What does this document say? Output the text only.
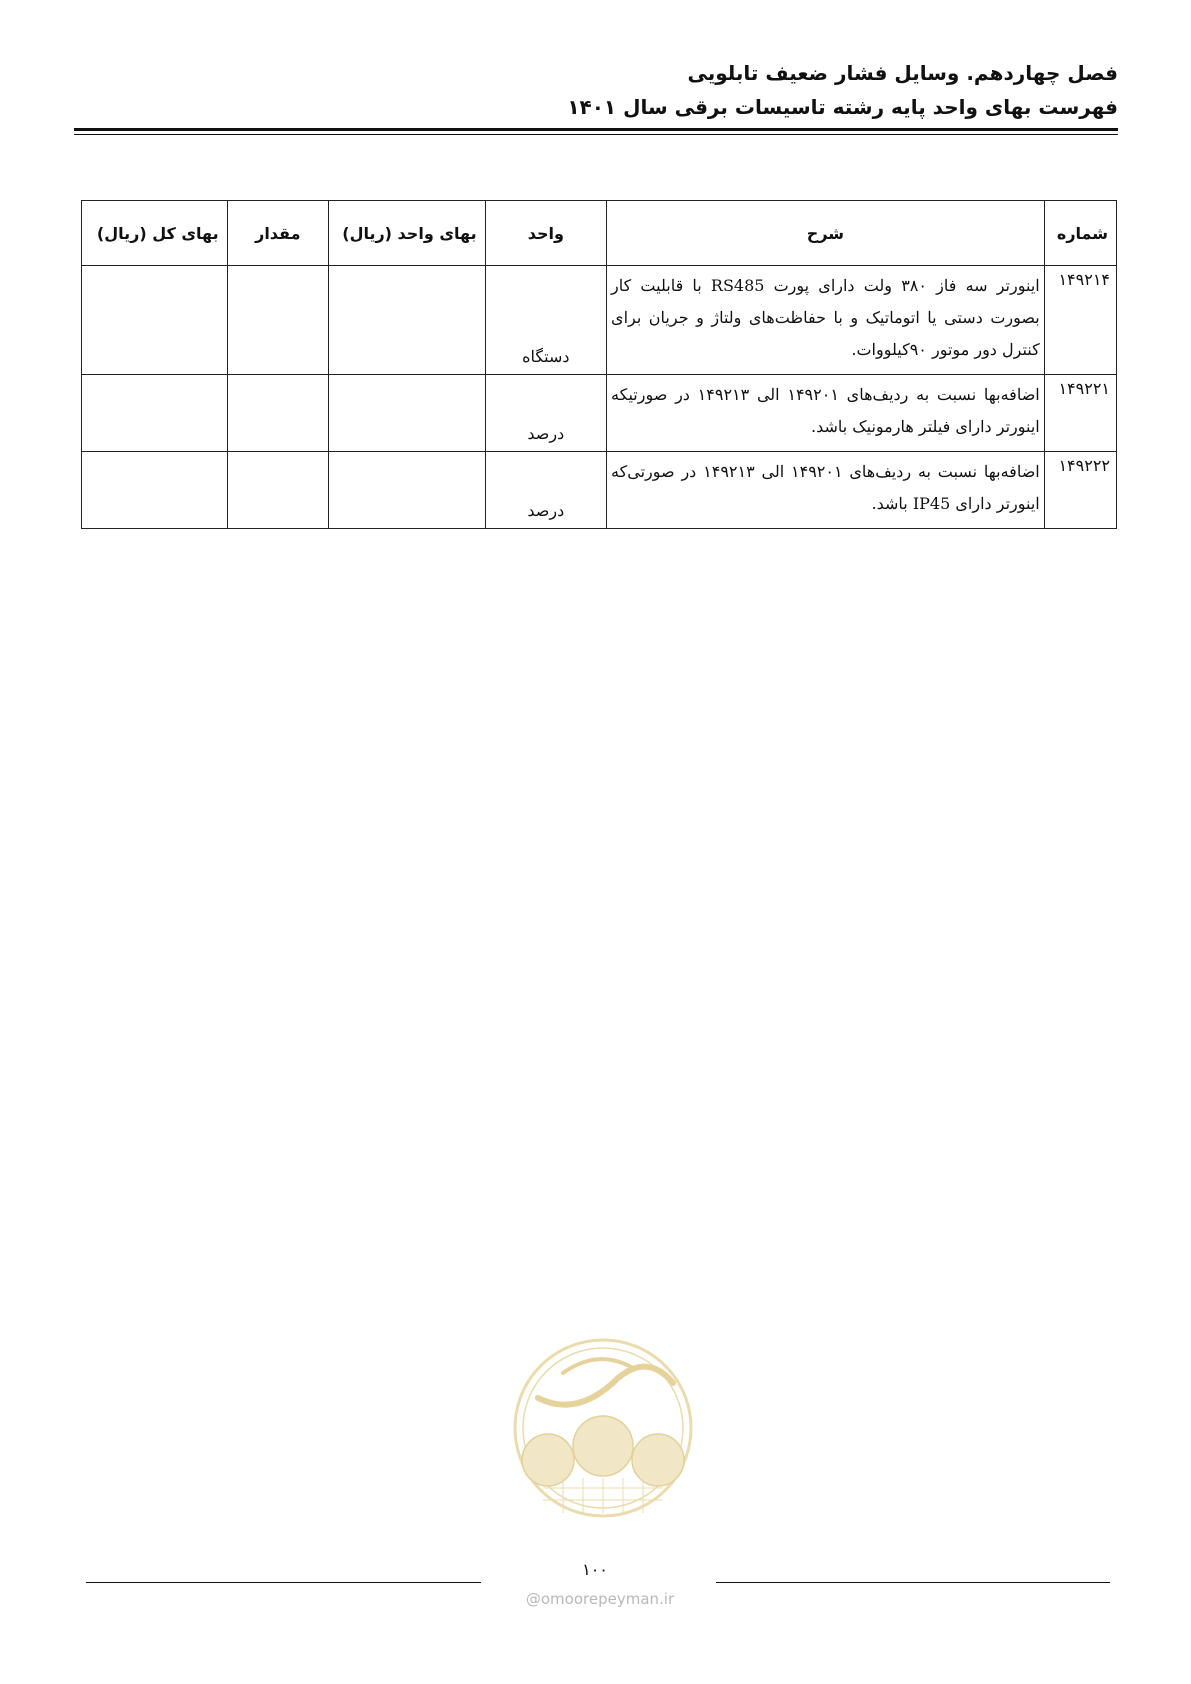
فصل چهاردهم. وسایل فشار ضعیف تابلویی
فهرست بهای واحد پایه رشته تاسیسات برقی سال ۱۴۰۱
شماره	شرح	واحد	بهای واحد (ریال)	مقدار	بهای کل (ریال)
۱۴۹۲۱۴	اینورتر سه فاز ۳۸۰ ولت دارای پورت RS485 با قابلیت کار بصورت دستی یا اتوماتیک و با حفاظت‌های ولتاژ و جریان برای کنترل دور موتور ۹۰کیلووات.	دستگاه			
۱۴۹۲۲۱	اضافه‌بها نسبت به ردیف‌های ۱۴۹۲۰۱ الی ۱۴۹۲۱۳ در صورتیکه اینورتر دارای فیلتر هارمونیک باشد.	درصد			
۱۴۹۲۲۲	اضافه‌بها نسبت به ردیف‌های ۱۴۹۲۰۱ الی ۱۴۹۲۱۳ در صورتی‌که اینورتر دارای IP45 باشد.	درصد			
۱۰۰
@omoorepeyman.ir
